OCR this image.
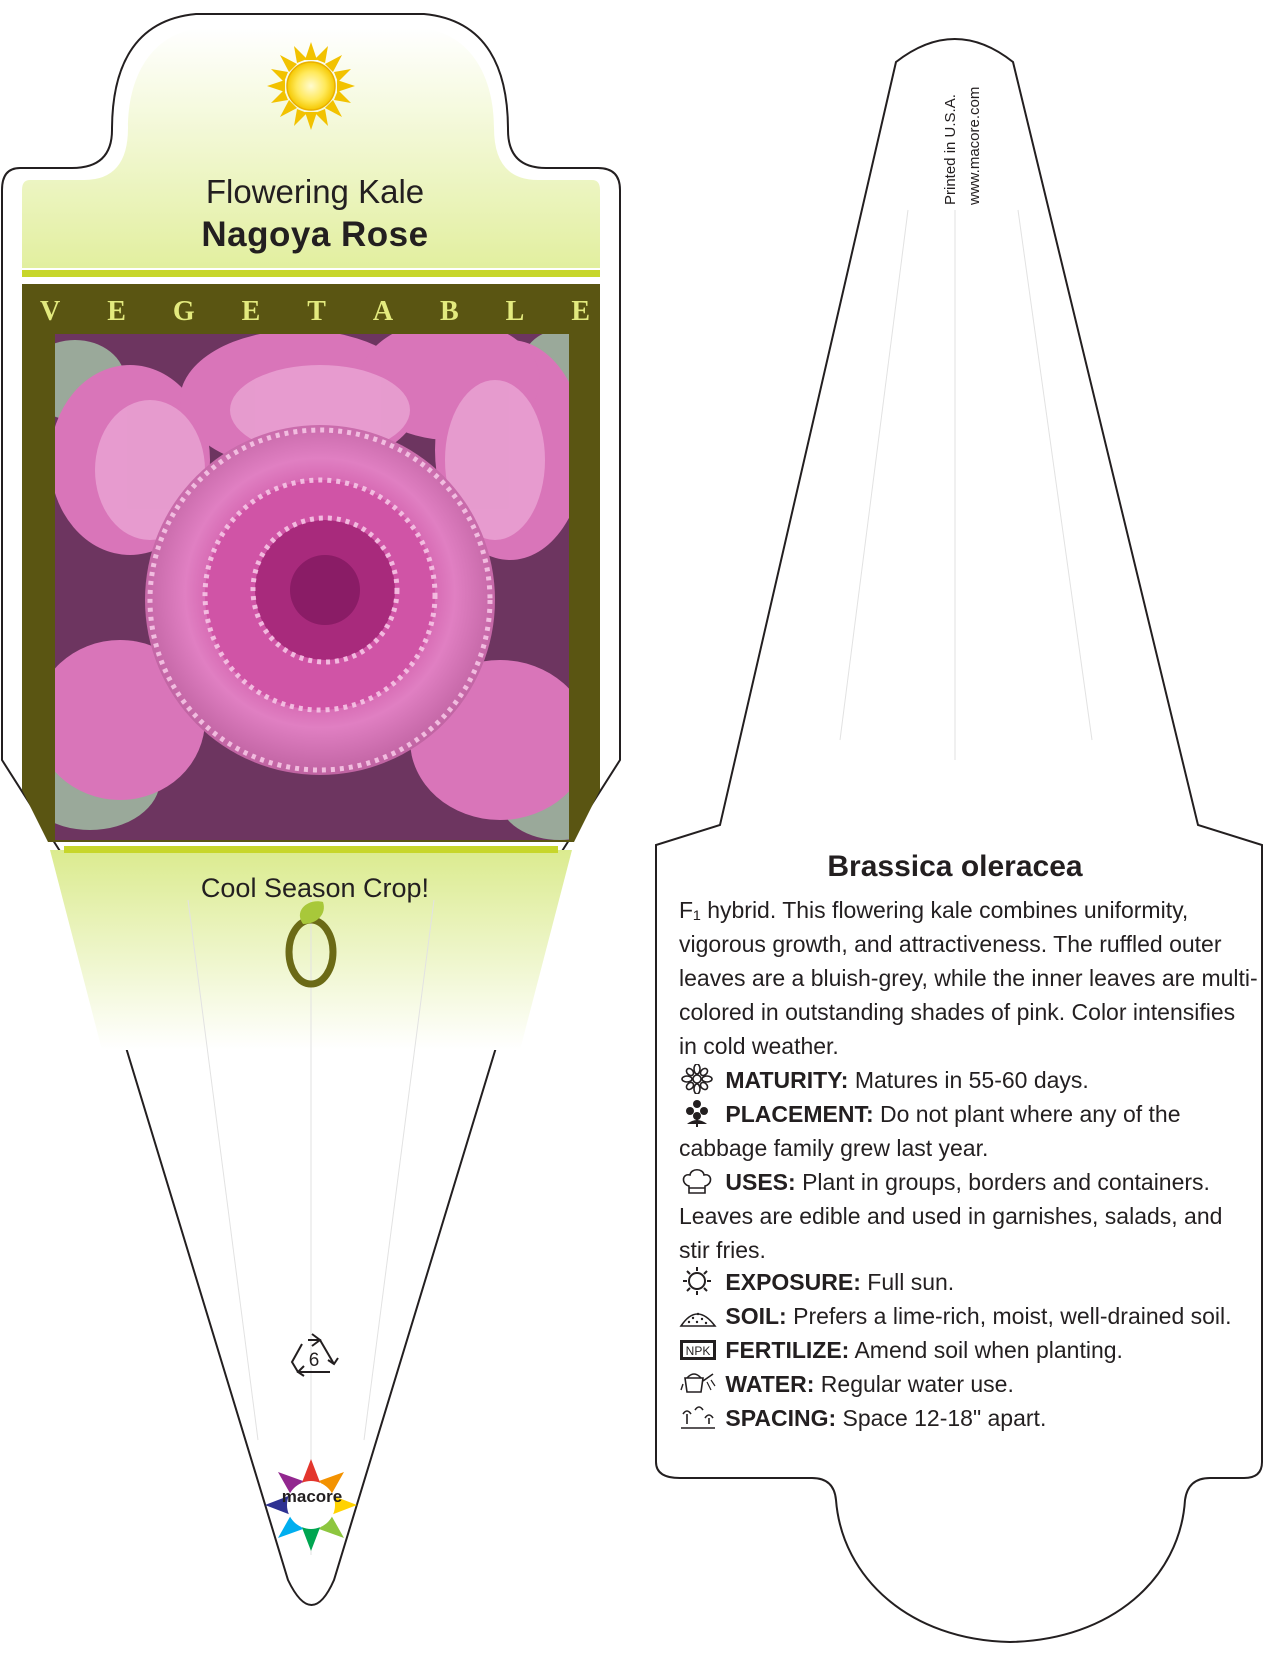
Flowering Kale
Nagoya Rose
V E G E T A B L E
Cool Season Crop!
6
macore
Printed in U.S.A. www.macore.com
Brassica oleracea
F₁ hybrid. This flowering kale combines uniformity, vigorous growth, and attractiveness. The ruffled outer leaves are a bluish-grey, while the inner leaves are multi-colored in outstanding shades of pink. Color intensifies in cold weather.
MATURITY: Matures in 55-60 days.
PLACEMENT: Do not plant where any of the cabbage family grew last year.
USES: Plant in groups, borders and containers. Leaves are edible and used in garnishes, salads, and stir fries.
EXPOSURE: Full sun.
SOIL: Prefers a lime-rich, moist, well-drained soil.
NPK FERTILIZE: Amend soil when planting.
WATER: Regular water use.
SPACING: Space 12-18" apart.
